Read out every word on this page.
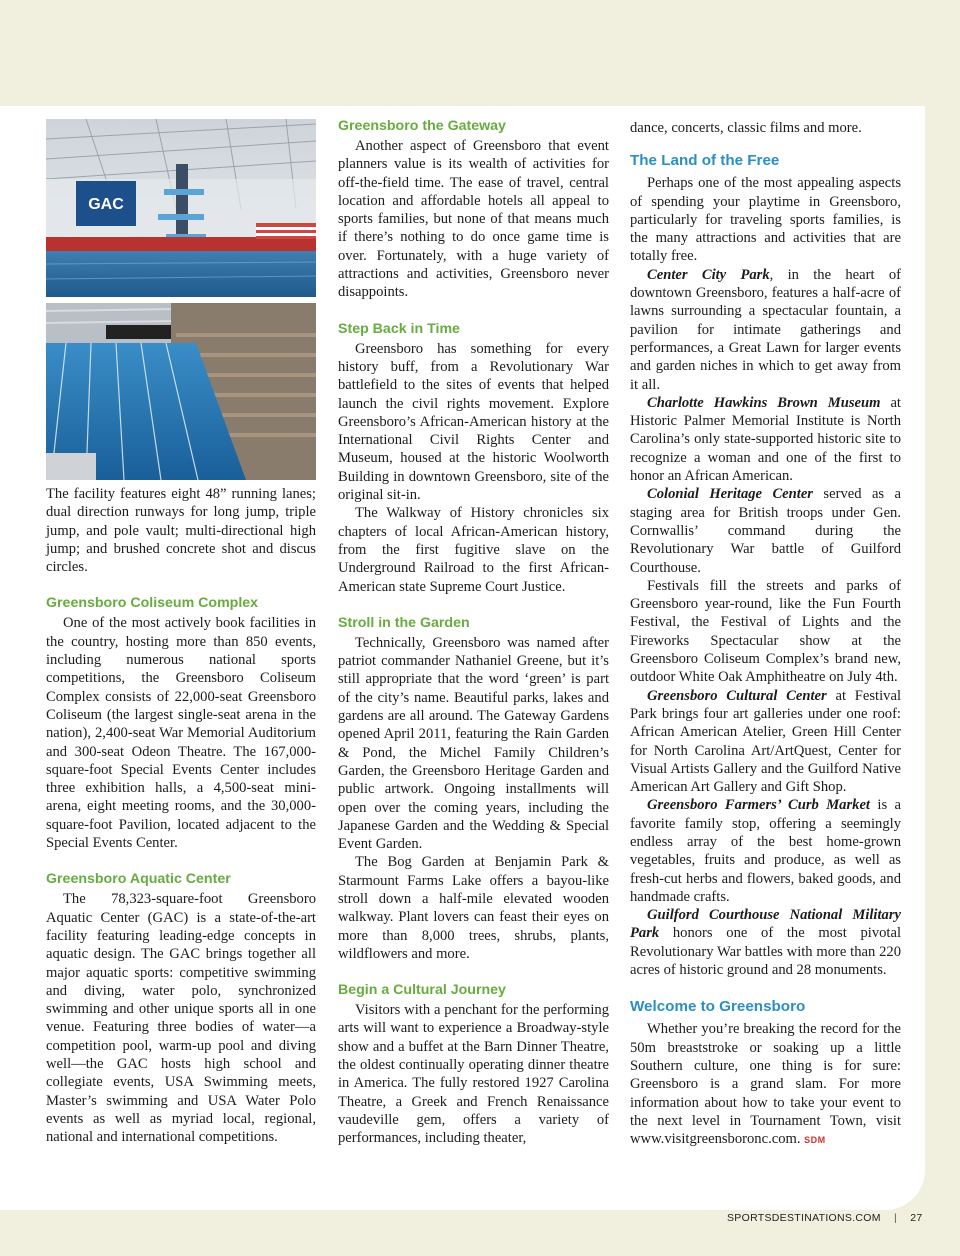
GAC

The facility features eight 48” running lanes; dual direction runways for long jump, triple jump, and pole vault; multi-directional high jump; and brushed concrete shot and discus circles.

Greensboro Coliseum Complex

One of the most actively book facilities in the country, hosting more than 850 events, including numerous national sports competitions, the Greensboro Coliseum Complex consists of 22,000-seat Greensboro Coliseum (the largest single-seat arena in the nation), 2,400-seat War Memorial Auditorium and 300-seat Odeon Theatre. The 167,000-square-foot Special Events Center includes three exhibition halls, a 4,500-seat mini-arena, eight meeting rooms, and the 30,000-square-foot Pavilion, located adjacent to the Special Events Center.

Greensboro Aquatic Center

The 78,323-square-foot Greensboro Aquatic Center (GAC) is a state-of-the-art facility featuring leading-edge concepts in aquatic design. The GAC brings together all major aquatic sports: competitive swimming and diving, water polo, synchronized swimming and other unique sports all in one venue. Featuring three bodies of water—a competition pool, warm-up pool and diving well—the GAC hosts high school and collegiate events, USA Swimming meets, Master’s swimming and USA Water Polo events as well as myriad local, regional, national and international competitions.

Greensboro the Gateway

Another aspect of Greensboro that event planners value is its wealth of activities for off-the-field time. The ease of travel, central location and affordable hotels all appeal to sports families, but none of that means much if there’s nothing to do once game time is over. Fortunately, with a huge variety of attractions and activities, Greensboro never disappoints.

Step Back in Time

Greensboro has something for every history buff, from a Revolutionary War battlefield to the sites of events that helped launch the civil rights movement. Explore Greensboro’s African-American history at the International Civil Rights Center and Museum, housed at the historic Woolworth Building in downtown Greensboro, site of the original sit-in.

The Walkway of History chronicles six chapters of local African-American history, from the first fugitive slave on the Underground Railroad to the first African-American state Supreme Court Justice.

Stroll in the Garden

Technically, Greensboro was named after patriot commander Nathaniel Greene, but it’s still appropriate that the word ‘green’ is part of the city’s name. Beautiful parks, lakes and gardens are all around. The Gateway Gardens opened April 2011, featuring the Rain Garden & Pond, the Michel Family Children’s Garden, the Greensboro Heritage Garden and public artwork. Ongoing installments will open over the coming years, including the Japanese Garden and the Wedding & Special Event Garden.

The Bog Garden at Benjamin Park & Starmount Farms Lake offers a bayou-like stroll down a half-mile elevated wooden walkway. Plant lovers can feast their eyes on more than 8,000 trees, shrubs, plants, wildflowers and more.

Begin a Cultural Journey

Visitors with a penchant for the performing arts will want to experience a Broadway-style show and a buffet at the Barn Dinner Theatre, the oldest continually operating dinner theatre in America. The fully restored 1927 Carolina Theatre, a Greek and French Renaissance vaudeville gem, offers a variety of performances, including theater,

dance, concerts, classic films and more.

The Land of the Free

Perhaps one of the most appealing aspects of spending your playtime in Greensboro, particularly for traveling sports families, is the many attractions and activities that are totally free.

Center City Park, in the heart of downtown Greensboro, features a half-acre of lawns surrounding a spectacular fountain, a pavilion for intimate gatherings and performances, a Great Lawn for larger events and garden niches in which to get away from it all.

Charlotte Hawkins Brown Museum at Historic Palmer Memorial Institute is North Carolina’s only state-supported historic site to recognize a woman and one of the first to honor an African American.

Colonial Heritage Center served as a staging area for British troops under Gen. Cornwallis’ command during the Revolutionary War battle of Guilford Courthouse.

Festivals fill the streets and parks of Greensboro year-round, like the Fun Fourth Festival, the Festival of Lights and the Fireworks Spectacular show at the Greensboro Coliseum Complex’s brand new, outdoor White Oak Amphitheatre on July 4th.

Greensboro Cultural Center at Festival Park brings four art galleries under one roof: African American Atelier, Green Hill Center for North Carolina Art/ArtQuest, Center for Visual Artists Gallery and the Guilford Native American Art Gallery and Gift Shop.

Greensboro Farmers’ Curb Market is a favorite family stop, offering a seemingly endless array of the best home-grown vegetables, fruits and produce, as well as fresh-cut herbs and flowers, baked goods, and handmade crafts.

Guilford Courthouse National Military Park honors one of the most pivotal Revolutionary War battles with more than 220 acres of historic ground and 28 monuments.

Welcome to Greensboro

Whether you’re breaking the record for the 50m breaststroke or soaking up a little Southern culture, one thing is for sure: Greensboro is a grand slam. For more information about how to take your event to the next level in Tournament Town, visit www.visitgreensboronc.com. SDM

SPORTSDESTINATIONS.COM | 27
